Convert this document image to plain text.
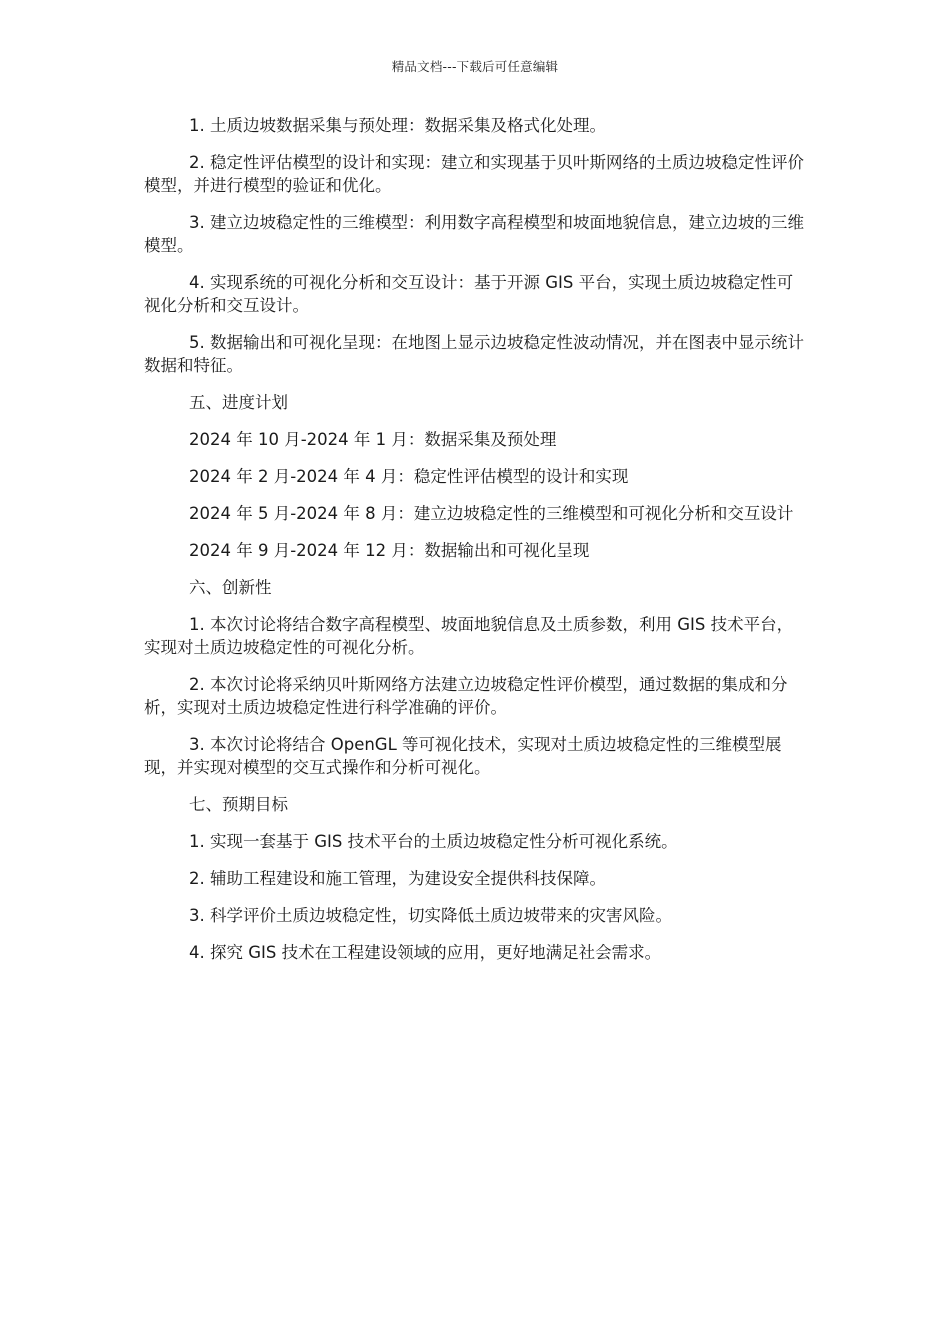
精品文档---下载后可任意编辑

1. 土质边坡数据采集与预处理：数据采集及格式化处理。

2. 稳定性评估模型的设计和实现：建立和实现基于贝叶斯网络的土质边坡稳定性评价模型，并进行模型的验证和优化。

3. 建立边坡稳定性的三维模型：利用数字高程模型和坡面地貌信息，建立边坡的三维模型。

4. 实现系统的可视化分析和交互设计：基于开源 GIS 平台，实现土质边坡稳定性可视化分析和交互设计。

5. 数据输出和可视化呈现：在地图上显示边坡稳定性波动情况，并在图表中显示统计数据和特征。

五、进度计划

2024 年 10 月-2024 年 1 月：数据采集及预处理

2024 年 2 月-2024 年 4 月：稳定性评估模型的设计和实现

2024 年 5 月-2024 年 8 月：建立边坡稳定性的三维模型和可视化分析和交互设计

2024 年 9 月-2024 年 12 月：数据输出和可视化呈现

六、创新性

1. 本次讨论将结合数字高程模型、坡面地貌信息及土质参数，利用 GIS 技术平台，实现对土质边坡稳定性的可视化分析。

2. 本次讨论将采纳贝叶斯网络方法建立边坡稳定性评价模型，通过数据的集成和分析，实现对土质边坡稳定性进行科学准确的评价。

3. 本次讨论将结合 OpenGL 等可视化技术，实现对土质边坡稳定性的三维模型展现，并实现对模型的交互式操作和分析可视化。

七、预期目标

1. 实现一套基于 GIS 技术平台的土质边坡稳定性分析可视化系统。

2. 辅助工程建设和施工管理，为建设安全提供科技保障。

3. 科学评价土质边坡稳定性，切实降低土质边坡带来的灾害风险。

4. 探究 GIS 技术在工程建设领域的应用，更好地满足社会需求。
